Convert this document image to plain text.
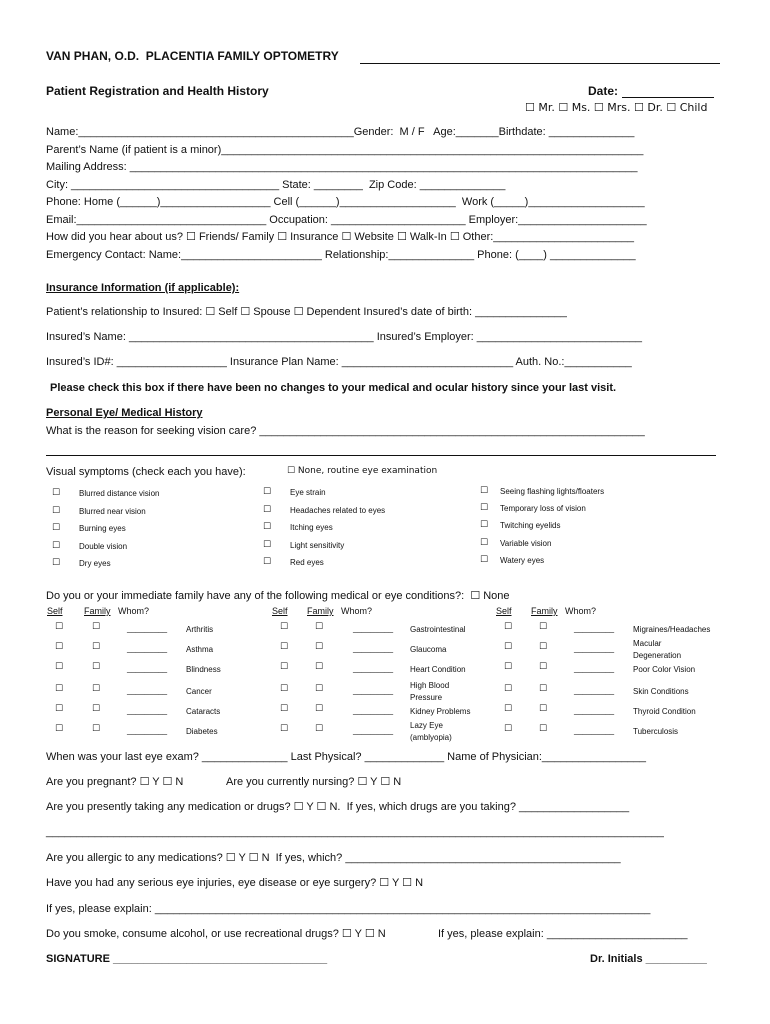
VAN PHAN, O.D.  PLACENTIA FAMILY OPTOMETRY
Patient Registration and Health History	Date:
☐ Mr. ☐ Ms. ☐ Mrs. ☐ Dr. ☐ Child
Name:_____________________________________________Gender:  M / F   Age:_______Birthdate: ______________
Parent’s Name (if patient is a minor)_____________________________________________________________________
Mailing Address: ___________________________________________________________________________________
City: __________________________________ State: ________  Zip Code: ______________
Phone: Home (______)__________________ Cell (______)___________________  Work (_____)___________________
Email:_______________________________ Occupation: ______________________ Employer:_____________________
How did you hear about us? ☐ Friends/ Family ☐ Insurance ☐ Website ☐ Walk-In ☐ Other:_______________________
Emergency Contact: Name:_______________________ Relationship:______________ Phone: (____) ______________
Insurance Information (if applicable):
Patient’s relationship to Insured: ☐ Self ☐ Spouse ☐ Dependent Insured’s date of birth: _______________
Insured’s Name: ________________________________________ Insured’s Employer: ___________________________
Insured’s ID#: __________________ Insurance Plan Name: ____________________________ Auth. No.:___________
Please check this box if there have been no changes to your medical and ocular history since your last visit.
Personal Eye/ Medical History
What is the reason for seeking vision care? _______________________________________________________________
Visual symptoms (check each you have):	☐ None, routine eye examination
☐ Blurred distance vision
☐ Blurred near vision
☐ Burning eyes
☐ Double vision
☐ Dry eyes
☐ Eye strain
☐ Headaches related to eyes
☐ Itching eyes
☐ Light sensitivity
☐ Red eyes
☐ Seeing flashing lights/floaters
☐ Temporary loss of vision
☐ Twitching eyelids
☐ Variable vision
☐ Watery eyes
Do you or your immediate family have any of the following medical or eye conditions?:  ☐ None
Self Family Whom?	Self Family Whom?	Self Family Whom?
☐	☐	_________ Arthritis
☐	☐	_________ Asthma
☐	☐	_________ Blindness
☐	☐	_________ Cancer
☐	☐	_________ Cataracts
☐	☐	_________ Diabetes
☐	☐	_________ Gastrointestinal
☐	☐	_________ Glaucoma
☐	☐	_________ Heart Condition
☐	☐	_________
High Blood
Pressure
☐	☐	_________ Kidney Problems
☐	☐	_________
Lazy Eye
(amblyopia)
☐	☐	_________ Migraines/Headaches
☐	☐	_________
Macular
Degeneration
☐	☐	_________ Poor Color Vision
☐	☐	_________ Skin Conditions
☐	☐	_________ Thyroid Condition
☐	☐	_________ Tuberculosis
When was your last eye exam? ______________ Last Physical? _____________ Name of Physician:_________________
Are you pregnant? ☐ Y ☐ N	Are you currently nursing? ☐ Y ☐ N
Are you presently taking any medication or drugs? ☐ Y ☐ N.  If yes, which drugs are you taking? __________________
_____________________________________________________________________________________________________
Are you allergic to any medications? ☐ Y ☐ N  If yes, which? _____________________________________________
Have you had any serious eye injuries, eye disease or eye surgery? ☐ Y ☐ N
If yes, please explain: _________________________________________________________________________________
Do you smoke, consume alcohol, or use recreational drugs? ☐ Y ☐ N	If yes, please explain: _______________________
SIGNATURE ___________________________________	Dr. Initials __________
